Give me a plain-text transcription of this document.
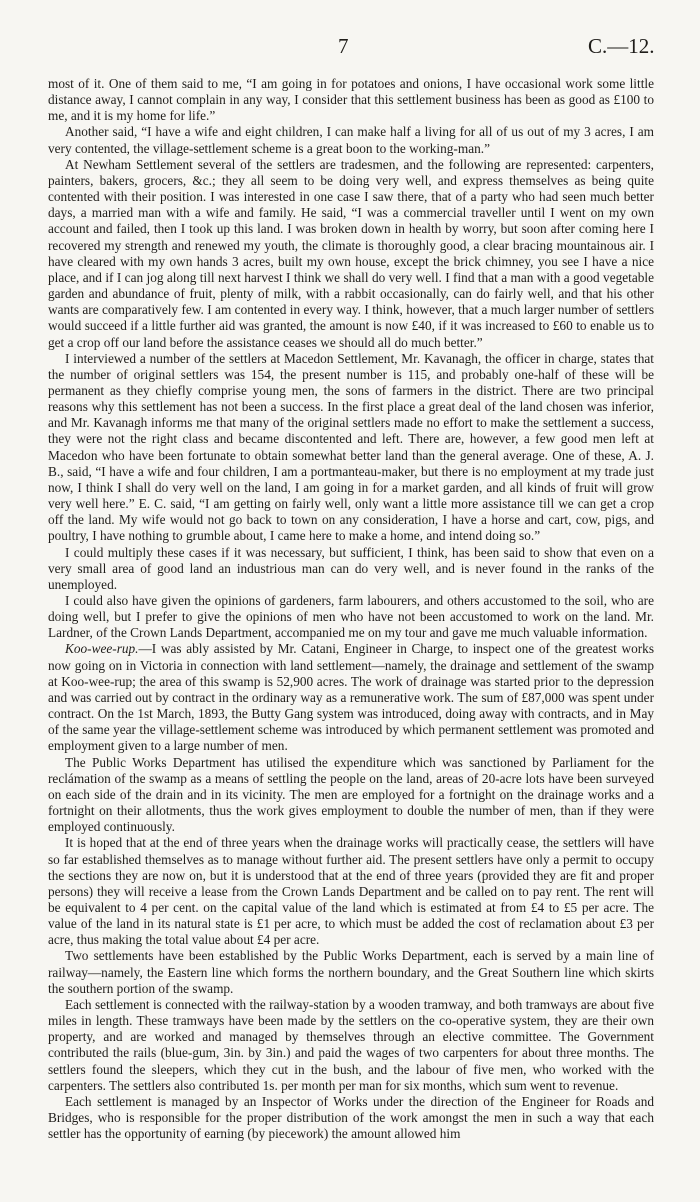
7	C.—12.

most of it. One of them said to me, “I am going in for potatoes and onions, I have occasional work some little distance away, I cannot complain in any way, I consider that this settlement business has been as good as £100 to me, and it is my home for life.”

Another said, “I have a wife and eight children, I can make half a living for all of us out of my 3 acres, I am very contented, the village-settlement scheme is a great boon to the working-man.”

At Newham Settlement several of the settlers are tradesmen, and the following are represented: carpenters, painters, bakers, grocers, &c.; they all seem to be doing very well, and express themselves as being quite contented with their position. I was interested in one case I saw there, that of a party who had seen much better days, a married man with a wife and family. He said, “I was a commercial traveller until I went on my own account and failed, then I took up this land. I was broken down in health by worry, but soon after coming here I recovered my strength and renewed my youth, the climate is thoroughly good, a clear bracing mountainous air. I have cleared with my own hands 3 acres, built my own house, except the brick chimney, you see I have a nice place, and if I can jog along till next harvest I think we shall do very well. I find that a man with a good vegetable garden and abundance of fruit, plenty of milk, with a rabbit occasionally, can do fairly well, and that his other wants are comparatively few. I am contented in every way. I think, however, that a much larger number of settlers would succeed if a little further aid was granted, the amount is now £40, if it was increased to £60 to enable us to get a crop off our land before the assistance ceases we should all do much better.”

I interviewed a number of the settlers at Macedon Settlement, Mr. Kavanagh, the officer in charge, states that the number of original settlers was 154, the present number is 115, and probably one-half of these will be permanent as they chiefly comprise young men, the sons of farmers in the district. There are two principal reasons why this settlement has not been a success. In the first place a great deal of the land chosen was inferior, and Mr. Kavanagh informs me that many of the original settlers made no effort to make the settlement a success, they were not the right class and became discontented and left. There are, however, a few good men left at Macedon who have been fortunate to obtain somewhat better land than the general average. One of these, A. J. B., said, “I have a wife and four children, I am a portmanteau-maker, but there is no employment at my trade just now, I think I shall do very well on the land, I am going in for a market garden, and all kinds of fruit will grow very well here.” E. C. said, “I am getting on fairly well, only want a little more assistance till we can get a crop off the land. My wife would not go back to town on any consideration, I have a horse and cart, cow, pigs, and poultry, I have nothing to grumble about, I came here to make a home, and intend doing so.”

I could multiply these cases if it was necessary, but sufficient, I think, has been said to show that even on a very small area of good land an industrious man can do very well, and is never found in the ranks of the unemployed.

I could also have given the opinions of gardeners, farm labourers, and others accustomed to the soil, who are doing well, but I prefer to give the opinions of men who have not been accustomed to work on the land. Mr. Lardner, of the Crown Lands Department, accompanied me on my tour and gave me much valuable information.

Koo-wee-rup.—I was ably assisted by Mr. Catani, Engineer in Charge, to inspect one of the greatest works now going on in Victoria in connection with land settlement—namely, the drainage and settlement of the swamp at Koo-wee-rup; the area of this swamp is 52,900 acres. The work of drainage was started prior to the depression and was carried out by contract in the ordinary way as a remunerative work. The sum of £87,000 was spent under contract. On the 1st March, 1893, the Butty Gang system was introduced, doing away with contracts, and in May of the same year the village-settlement scheme was introduced by which permanent settlement was promoted and employment given to a large number of men.

The Public Works Department has utilised the expenditure which was sanctioned by Parliament for the reclámation of the swamp as a means of settling the people on the land, areas of 20-acre lots have been surveyed on each side of the drain and in its vicinity. The men are employed for a fortnight on the drainage works and a fortnight on their allotments, thus the work gives employment to double the number of men, than if they were employed continuously.

It is hoped that at the end of three years when the drainage works will practically cease, the settlers will have so far established themselves as to manage without further aid. The present settlers have only a permit to occupy the sections they are now on, but it is understood that at the end of three years (provided they are fit and proper persons) they will receive a lease from the Crown Lands Department and be called on to pay rent. The rent will be equivalent to 4 per cent. on the capital value of the land which is estimated at from £4 to £5 per acre. The value of the land in its natural state is £1 per acre, to which must be added the cost of reclamation about £3 per acre, thus making the total value about £4 per acre.

Two settlements have been established by the Public Works Department, each is served by a main line of railway—namely, the Eastern line which forms the northern boundary, and the Great Southern line which skirts the southern portion of the swamp.

Each settlement is connected with the railway-station by a wooden tramway, and both tramways are about five miles in length. These tramways have been made by the settlers on the co-operative system, they are their own property, and are worked and managed by themselves through an elective committee. The Government contributed the rails (blue-gum, 3in. by 3in.) and paid the wages of two carpenters for about three months. The settlers found the sleepers, which they cut in the bush, and the labour of five men, who worked with the carpenters. The settlers also contributed 1s. per month per man for six months, which sum went to revenue.

Each settlement is managed by an Inspector of Works under the direction of the Engineer for Roads and Bridges, who is responsible for the proper distribution of the work amongst the men in such a way that each settler has the opportunity of earning (by piecework) the amount allowed him
